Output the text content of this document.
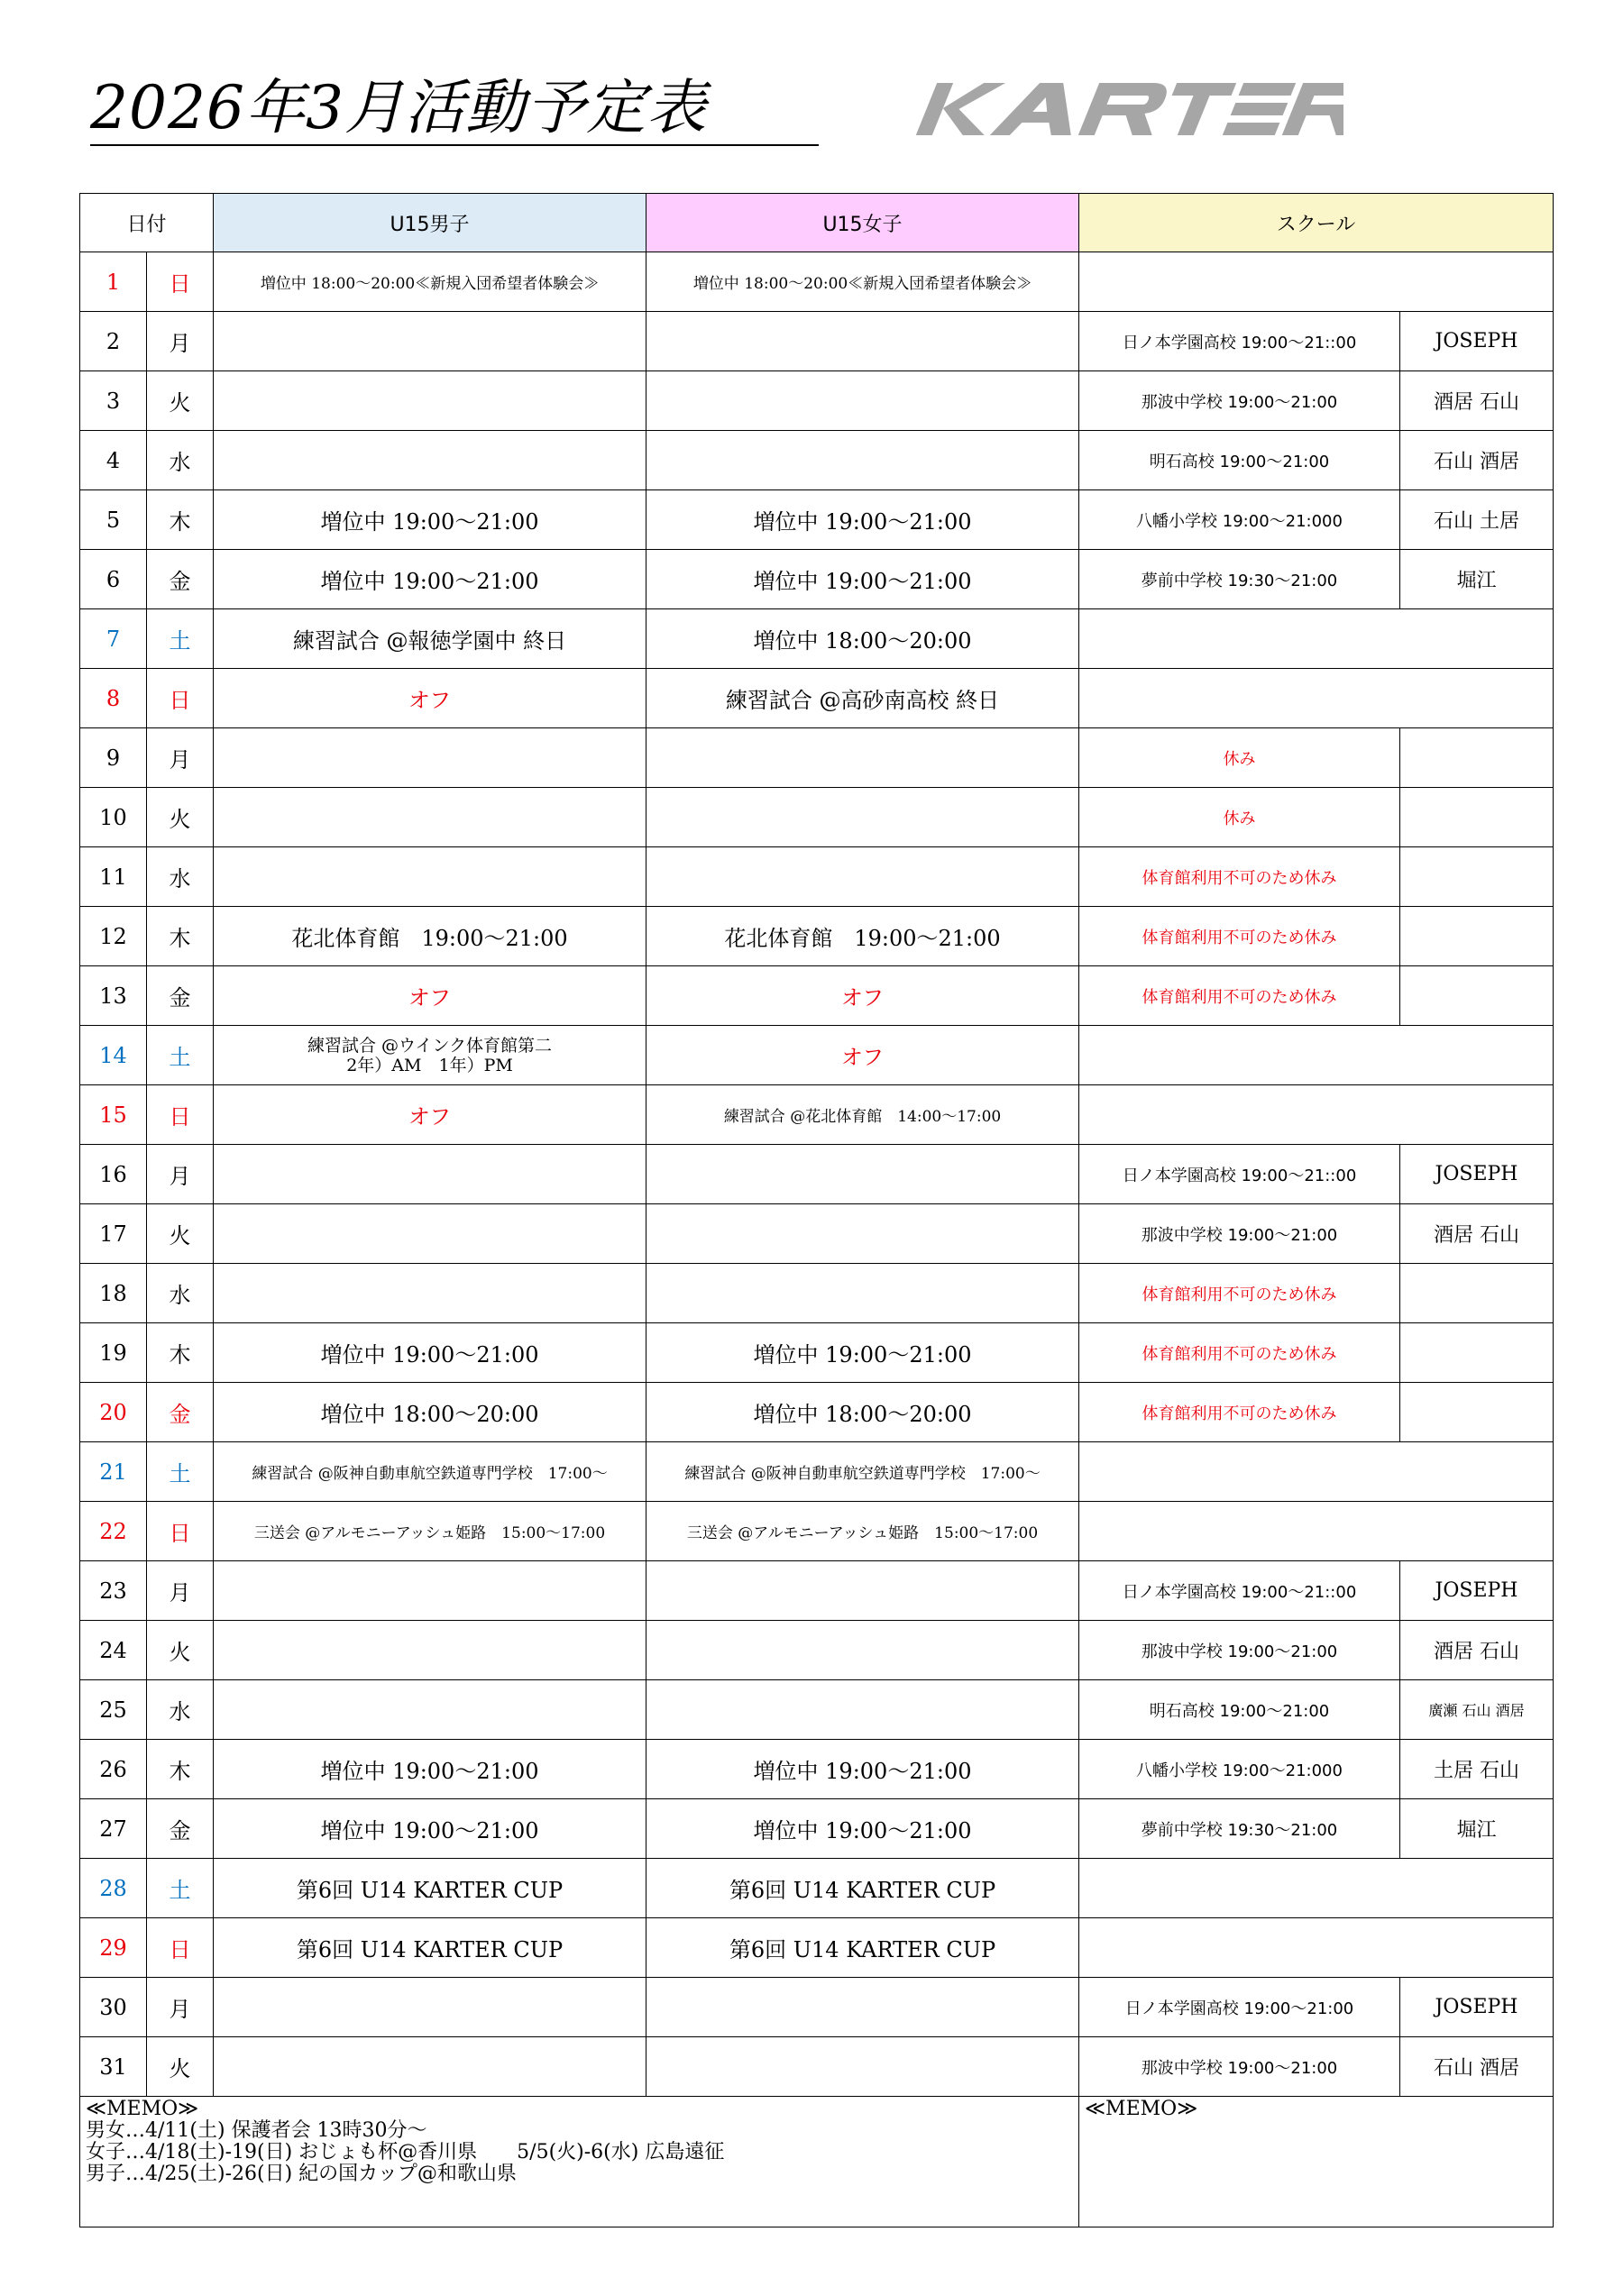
2026年3月活動予定表	KARTER
日付		U15男子	U15女子	スクール	
1	日	増位中 18:00～20:00≪新規入団希望者体験会≫	増位中 18:00～20:00≪新規入団希望者体験会≫		
2	月			日ノ本学園高校 19:00～21::00	JOSEPH
3	火			那波中学校 19:00～21:00	酒居 石山
4	水			明石高校 19:00～21:00	石山 酒居
5	木	増位中 19:00～21:00	増位中 19:00～21:00	八幡小学校 19:00～21:000	石山 土居
6	金	増位中 19:00～21:00	増位中 19:00～21:00	夢前中学校 19:30～21:00	堀江
7	土	練習試合 @報徳学園中 終日	増位中 18:00～20:00		
8	日	オフ	練習試合 @高砂南高校 終日		
9	月			休み	
10	火			休み	
11	水			体育館利用不可のため休み	
12	木	花北体育館　19:00～21:00	花北体育館　19:00～21:00	体育館利用不可のため休み	
13	金	オフ	オフ	体育館利用不可のため休み	
14	土	練習試合 @ウインク体育館第二
2年）AM　1年）PM	オフ		
15	日	オフ	練習試合 @花北体育館　14:00～17:00		
16	月			日ノ本学園高校 19:00～21::00	JOSEPH
17	火			那波中学校 19:00～21:00	酒居 石山
18	水			体育館利用不可のため休み	
19	木	増位中 19:00～21:00	増位中 19:00～21:00	体育館利用不可のため休み	
20	金	増位中 18:00～20:00	増位中 18:00～20:00	体育館利用不可のため休み	
21	土	練習試合 @阪神自動車航空鉄道専門学校　17:00～	練習試合 @阪神自動車航空鉄道専門学校　17:00～		
22	日	三送会 @アルモニーアッシュ姫路　15:00～17:00	三送会 @アルモニーアッシュ姫路　15:00～17:00		
23	月			日ノ本学園高校 19:00～21::00	JOSEPH
24	火			那波中学校 19:00～21:00	酒居 石山
25	水			明石高校 19:00～21:00	廣瀬 石山 酒居
26	木	増位中 19:00～21:00	増位中 19:00～21:00	八幡小学校 19:00～21:000	土居 石山
27	金	増位中 19:00～21:00	増位中 19:00～21:00	夢前中学校 19:30～21:00	堀江
28	土	第6回 U14 KARTER CUP	第6回 U14 KARTER CUP		
29	日	第6回 U14 KARTER CUP	第6回 U14 KARTER CUP		
30	月			日ノ本学園高校 19:00～21:00	JOSEPH
31	火			那波中学校 19:00～21:00	石山 酒居

≪MEMO≫
男女…4/11(土) 保護者会 13時30分～
女子…4/18(土)-19(日) おじょも杯@香川県　　5/5(火)-6(水) 広島遠征
男子…4/25(土)-26(日) 紀の国カップ@和歌山県				≪MEMO≫	
